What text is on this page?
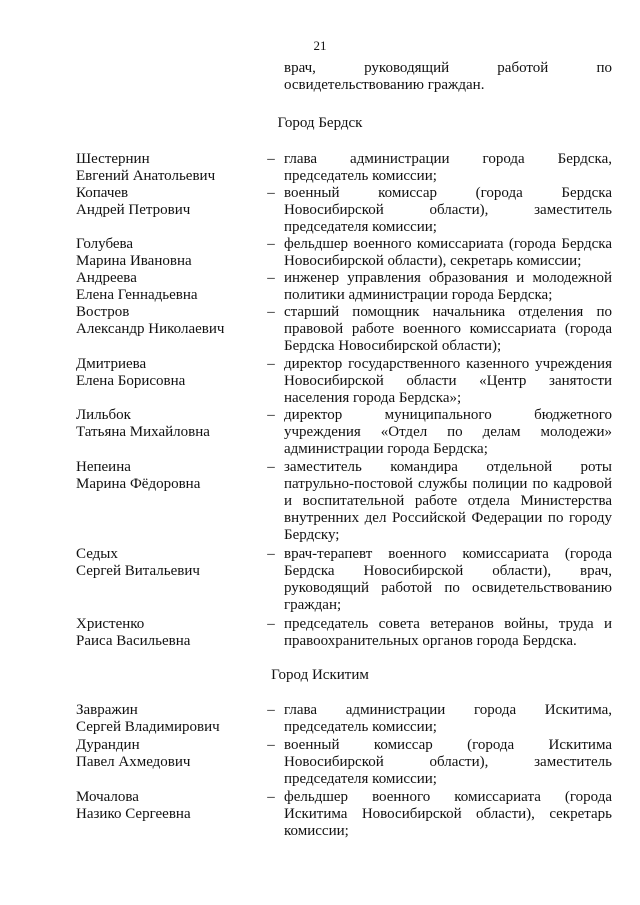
21
врач, руководящий работой по
освидетельствованию граждан.
Город Бердск
Шестернин
Евгений Анатольевич
– глава администрации города Бердска,
председатель комиссии;
Копачев
Андрей Петрович
– военный комиссар (города Бердска
Новосибирской области), заместитель
председателя комиссии;
Голубева
Марина Ивановна
– фельдшер военного комиссариата (города Бердска
Новосибирской области), секретарь комиссии;
Андреева
Елена Геннадьевна
– инженер управления образования и молодежной
политики администрации города Бердска;
Востров
Александр Николаевич
– старший помощник начальника отделения по
правовой работе военного комиссариата (города
Бердска Новосибирской области);
Дмитриева
Елена Борисовна
– директор государственного казенного учреждения
Новосибирской области «Центр занятости
населения города Бердска»;
Лильбок
Татьяна Михайловна
– директор муниципального бюджетного
учреждения «Отдел по делам молодежи»
администрации города Бердска;
Непеина
Марина Фёдоровна
– заместитель командира отдельной роты
патрульно-постовой службы полиции по кадровой
и воспитательной работе отдела Министерства
внутренних дел Российской Федерации по городу
Бердску;
Седых
Сергей Витальевич
– врач-терапевт военного комиссариата (города
Бердска Новосибирской области), врач,
руководящий работой по освидетельствованию
граждан;
Христенко
Раиса Васильевна
– председатель совета ветеранов войны, труда и
правоохранительных органов города Бердска.
Город Искитим
Завражин
Сергей Владимирович
– глава администрации города Искитима,
председатель комиссии;
Дурандин
Павел Ахмедович
– военный комиссар (города Искитима
Новосибирской области), заместитель
председателя комиссии;
Мочалова
Назико Сергеевна
– фельдшер военного комиссариата (города
Искитима Новосибирской области), секретарь
комиссии;
